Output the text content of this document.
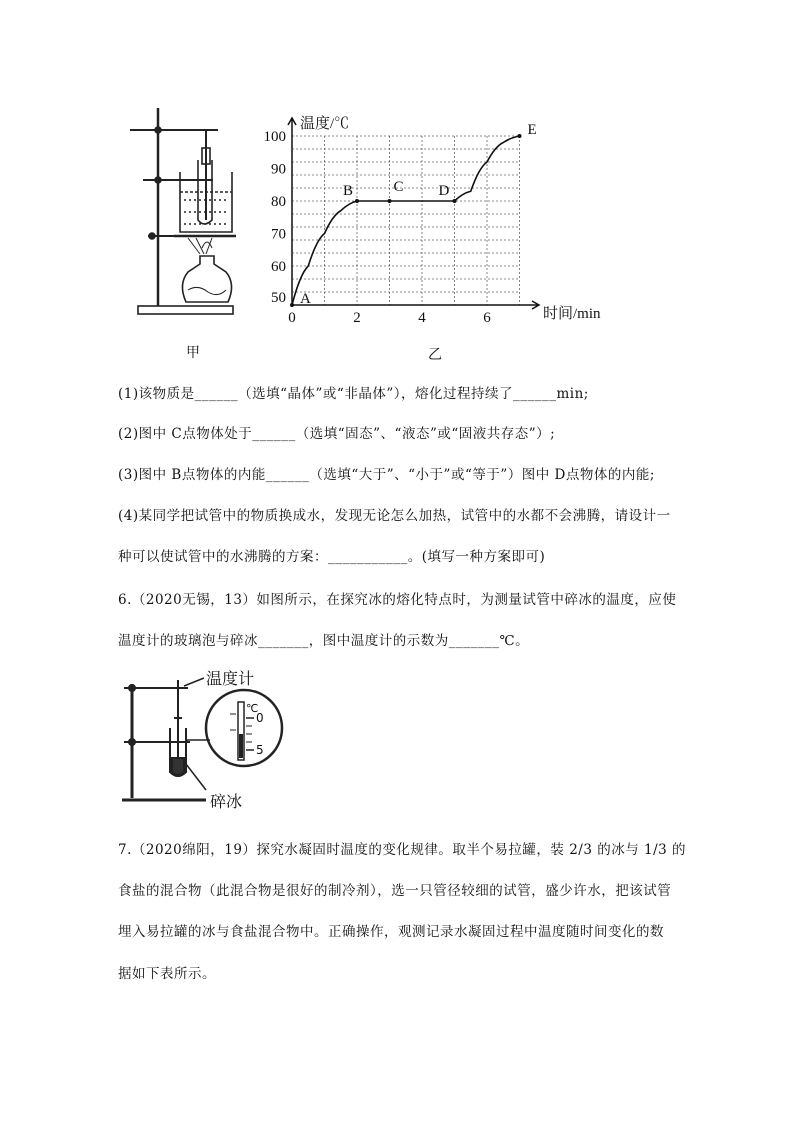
50
60
70
80
90
100
0	2	4	6
温度/℃
时间/min
A
B	C D
E
甲	乙
(1)该物质是______（选填“晶体”或“非晶体”），熔化过程持续了______min;
(2)图中 C点物体处于______（选填“固态”、“液态”或“固液共存态”）;
(3)图中 B点物体的内能______（选填“大于”、“小于”或“等于”）图中 D点物体的内能;
(4)某同学把试管中的物质换成水，发现无论怎么加热，试管中的水都不会沸腾，请设计一
种可以使试管中的水沸腾的方案：___________。(填写一种方案即可)
6.（2020无锡，13）如图所示，在探究冰的熔化特点时，为测量试管中碎冰的温度，应使
温度计的玻璃泡与碎冰_______，图中温度计的示数为_______℃。
温度计
℃
0
5
碎冰
7.（2020绵阳，19）探究水凝固时温度的变化规律。取半个易拉罐，装 2/3 的冰与 1/3 的
食盐的混合物（此混合物是很好的制冷剂），选一只管径较细的试管，盛少许水，把该试管
埋入易拉罐的冰与食盐混合物中。正确操作，观测记录水凝固过程中温度随时间变化的数
据如下表所示。
